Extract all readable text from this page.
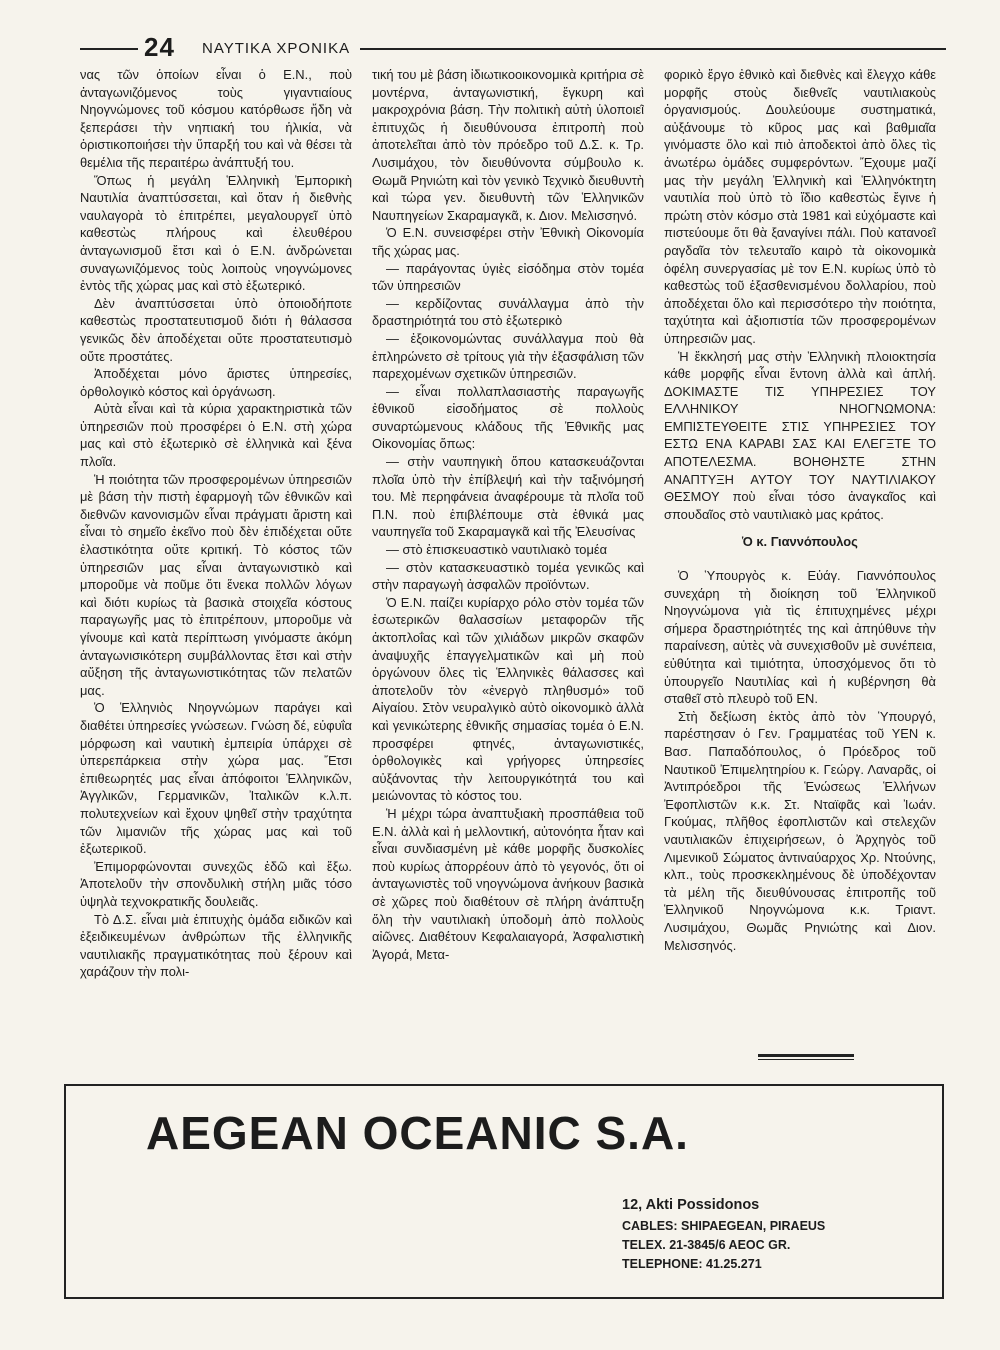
24 ΝΑΥΤΙΚΑ ΧΡΟΝΙΚΑ

νας τῶν ὁποίων εἶναι ὁ Ε.Ν., ποὺ ἀνταγωνιζόμενος τοὺς γιγαντιαίους Νηογνώμονες τοῦ κόσμου κατόρθωσε ἤδη νὰ ξεπεράσει τὴν νηπιακή του ἡλικία, νὰ ὁριστικοποιήσει τὴν ὕπαρξή του καὶ νὰ θέσει τὰ θεμέλια τῆς περαιτέρω ἀνάπτυξή του.

Ὅπως ἡ μεγάλη Ἑλληνικὴ Ἐμπορικὴ Ναυτιλία ἀναπτύσσεται, καὶ ὅταν ἡ διεθνὴς ναυλαγορὰ τὸ ἐπιτρέπει, μεγαλουργεῖ ὑπὸ καθεστὼς πλήρους καὶ ἐλευθέρου ἀνταγωνισμοῦ ἔτσι καὶ ὁ Ε.Ν. ἀνδρώνεται συναγωνιζόμενος τοὺς λοιποὺς νηογνώμονες ἐντὸς τῆς χώρας μας καὶ στὸ ἐξωτερικό.

Δὲν ἀναπτύσσεται ὑπὸ ὁποιοδήποτε καθεστὼς προστατευτισμοῦ διότι ἡ θάλασσα γενικῶς δὲν ἀποδέχεται οὔτε προστατευτισμὸ οὔτε προστάτες.

Ἀποδέχεται μόνο ἄριστες ὑπηρεσίες, ὀρθολογικὸ κόστος καὶ ὀργάνωση.

Αὐτὰ εἶναι καὶ τὰ κύρια χαρακτηριστικὰ τῶν ὑπηρεσιῶν ποὺ προσφέρει ὁ Ε.Ν. στὴ χώρα μας καὶ στὸ ἐξωτερικὸ σὲ ἑλληνικὰ καὶ ξένα πλοῖα.

Ἡ ποιότητα τῶν προσφερομένων ὑπηρεσιῶν μὲ βάση τὴν πιστὴ ἐφαρμογὴ τῶν ἐθνικῶν καὶ διεθνῶν κανονισμῶν εἶναι πράγματι ἄριστη καὶ εἶναι τὸ σημεῖο ἐκεῖνο ποὺ δὲν ἐπιδέχεται οὔτε ἐλαστικότητα οὔτε κριτική. Τὸ κόστος τῶν ὑπηρεσιῶν μας εἶναι ἀνταγωνιστικὸ καὶ μποροῦμε νὰ ποῦμε ὅτι ἕνεκα πολλῶν λόγων καὶ διότι κυρίως τὰ βασικὰ στοιχεῖα κόστους παραγωγῆς μας τὸ ἐπιτρέπουν, μποροῦμε νὰ γίνουμε καὶ κατὰ περίπτωση γινόμαστε ἀκόμη ἀνταγωνισικότερη συμβάλλοντας ἔτσι καὶ στὴν αὔξηση τῆς ἀνταγωνιστικότητας τῶν πελατῶν μας.

Ὁ Ἑλληνιὸς Νηογνώμων παράγει καὶ διαθέτει ὑπηρεσίες γνώσεων. Γνώση δέ, εὐφυΐα μόρφωση καὶ ναυτικὴ ἐμπειρία ὑπάρχει σὲ ὑπερεπάρκεια στὴν χώρα μας. Ἔτσι ἐπιθεωρητές μας εἶναι ἀπόφοιτοι Ἑλληνικῶν, Ἀγγλικῶν, Γερμανικῶν, Ἰταλικῶν κ.λ.π. πολυτεχνείων καὶ ἔχουν ψηθεῖ στὴν τραχύτητα τῶν λιμανιῶν τῆς χώρας μας καὶ τοῦ ἐξωτερικοῦ.

Ἐπιμορφώνονται συνεχῶς ἐδῶ καὶ ἔξω. Ἀποτελοῦν τὴν σπονδυλικὴ στήλη μιᾶς τόσο ὑψηλὰ τεχνοκρατικῆς δουλειᾶς.

Τὸ Δ.Σ. εἶναι μιὰ ἐπιτυχὴς ὁμάδα ειδικῶν καὶ ἐξειδικευμένων ἀνθρώπων τῆς ἑλληνικῆς ναυτιλιακῆς πραγματικότητας ποὺ ξέρουν καὶ χαράζουν τὴν πολι-

τική του μὲ βάση ἰδιωτικοοικονομικὰ κριτήρια σὲ μοντέρνα, ἀνταγωνιστική, ἔγκυρη καὶ μακροχρόνια βάση. Τὴν πολιτικὴ αὐτὴ ὑλοποιεῖ ἐπιτυχῶς ἡ διευθύνουσα ἐπιτροπὴ ποὺ ἀποτελεῖται ἀπὸ τὸν πρόεδρο τοῦ Δ.Σ. κ. Τρ. Λυσιμάχου, τὸν διευθύνοντα σύμβουλο κ. Θωμᾶ Ρηνιώτη καὶ τὸν γενικὸ Τεχνικὸ διευθυντὴ καὶ τώρα γεν. διευθυντὴ τῶν Ἑλληνικῶν Ναυπηγείων Σκαραμαγκᾶ, κ. Διον. Μελισσηνό.

Ὁ Ε.Ν. συνεισφέρει στὴν Ἐθνικὴ Οἰκονομία τῆς χώρας μας.

— παράγοντας ὑγιὲς εἰσόδημα στὸν τομέα τῶν ὑπηρεσιῶν

— κερδίζοντας συνάλλαγμα ἀπὸ τὴν δραστηριότητά του στὸ ἐξωτερικὸ

— ἐξοικονομώντας συνάλλαγμα ποὺ θὰ ἐπληρώνετο σὲ τρίτους γιὰ τὴν ἐξασφάλιση τῶν παρεχομένων σχετικῶν ὑπηρεσιῶν.

— εἶναι πολλαπλασιαστὴς παραγωγῆς ἐθνικοῦ εἰσοδήματος σὲ πολλοὺς συναρτώμενους κλάδους τῆς Ἐθνικῆς μας Οἰκονομίας ὅπως:

— στὴν ναυπηγικὴ ὅπου κατασκευάζονται πλοῖα ὑπὸ τὴν ἐπίβλεψή καὶ τὴν ταξινόμησή του. Μὲ περηφάνεια ἀναφέρουμε τὰ πλοῖα τοῦ Π.Ν. ποὺ ἐπιβλέπουμε στὰ ἐθνικά μας ναυπηγεῖα τοῦ Σκαραμαγκᾶ καὶ τῆς Ἐλευσίνας

— στὸ ἐπισκευαστικὸ ναυτιλιακὸ τομέα

— στὸν κατασκευαστικὸ τομέα γενικῶς καὶ στὴν παραγωγὴ ἀσφαλῶν προϊόντων.

Ὁ Ε.Ν. παίζει κυρίαρχο ρόλο στὸν τομέα τῶν ἐσωτερικῶν θαλασσίων μεταφορῶν τῆς ἀκτοπλοΐας καὶ τῶν χιλιάδων μικρῶν σκαφῶν ἀναψυχῆς ἐπαγγελματικῶν καὶ μὴ ποὺ ὀργώνουν ὅλες τὶς Ἑλληνικὲς θάλασσες καὶ ἀποτελοῦν τὸν «ἐνεργὸ πληθυσμό» τοῦ Αἰγαίου. Στὸν νευραλγικὸ αὐτὸ οἰκονομικὸ ἀλλὰ καὶ γενικώτερης ἐθνικῆς σημασίας τομέα ὁ Ε.Ν. προσφέρει φτηνές, ἀνταγωνιστικές, ὀρθολογικὲς καὶ γρήγορες ὑπηρεσίες αὐξάνοντας τὴν λειτουργικότητά του καὶ μειώνοντας τὸ κόστος του.

Ἡ μέχρι τώρα ἀναπτυξιακὴ προσπάθεια τοῦ Ε.Ν. ἀλλὰ καὶ ἡ μελλοντική, αὐτονόητα ἦταν καὶ εἶναι συνδιασμένη μὲ κάθε μορφῆς δυσκολίες ποὺ κυρίως ἀπορρέουν ἀπὸ τὸ γεγονός, ὅτι οἱ ἀνταγωνιστὲς τοῦ νηογνώμονα ἀνήκουν βασικὰ σὲ χῶρες ποὺ διαθέτουν σὲ πλήρη ἀνάπτυξη ὅλη τὴν ναυτιλιακὴ ὑποδομὴ ἀπὸ πολλοὺς αἰῶνες. Διαθέτουν Κεφαλαιαγορά, Ἀσφαλιστικὴ Ἀγορά, Μετα-

φορικὸ ἔργο ἐθνικὸ καὶ διεθνὲς καὶ ἔλεγχο κάθε μορφῆς στοὺς διεθνεῖς ναυτιλιακοὺς ὀργανισμούς. Δουλεύουμε συστηματικά, αὐξάνουμε τὸ κῦρος μας καὶ βαθμιαῖα γινόμαστε ὅλο καὶ πιὸ ἀποδεκτοὶ ἀπὸ ὅλες τὶς ἀνωτέρω ὁμάδες συμφερόντων. Ἔχουμε μαζί μας τὴν μεγάλη Ἑλληνικὴ καὶ Ἑλληνόκτητη ναυτιλία ποὺ ὑπὸ τὸ ἴδιο καθεστὼς ἔγινε ἡ πρώτη στὸν κόσμο στὰ 1981 καὶ εὐχόμαστε καὶ πιστεύουμε ὅτι θὰ ξαναγίνει πάλι. Ποὺ κατανοεῖ ραγδαῖα τὸν τελευταῖο καιρὸ τὰ οἰκονομικὰ ὀφέλη συνεργασίας μὲ τον Ε.Ν. κυρίως ὑπὸ τὸ καθεστὼς τοῦ ἐξασθενισμένου δολλαρίου, ποὺ ἀποδέχεται ὅλο καὶ περισσότερο τὴν ποιότητα, ταχύτητα καὶ ἀξιοπιστία τῶν προσφερομένων ὑπηρεσιῶν μας.

Ἡ ἔκκλησή μας στὴν Ἑλληνικὴ πλοιοκτησία κάθε μορφῆς εἶναι ἔντονη ἀλλὰ καὶ ἁπλή. ΔΟΚΙΜΑΣΤΕ ΤΙΣ ΥΠΗΡΕΣΙΕΣ ΤΟΥ ΕΛΛΗΝΙΚΟΥ ΝΗΟΓΝΩΜΟΝΑ: ΕΜΠΙΣΤΕΥΘΕΙΤΕ ΣΤΙΣ ΥΠΗΡΕΣΙΕΣ ΤΟΥ ΕΣΤΩ ΕΝΑ ΚΑΡΑΒΙ ΣΑΣ ΚΑΙ ΕΛΕΓΞΤΕ ΤΟ ΑΠΟΤΕΛΕΣΜΑ. ΒΟΗΘΗΣΤΕ ΣΤΗΝ ΑΝΑΠΤΥΞΗ ΑΥΤΟΥ ΤΟΥ ΝΑΥΤΙΛΙΑΚΟΥ ΘΕΣΜΟΥ ποὺ εἶναι τόσο ἀναγκαῖος καὶ σπουδαῖος στὸ ναυτιλιακὸ μας κράτος.

Ὁ κ. Γιαννόπουλος

Ὁ Ὑπουργὸς κ. Εὐάγ. Γιαννόπουλος συνεχάρη τὴ διοίκηση τοῦ Ἑλληνικοῦ Νηογνώμονα γιὰ τὶς ἐπιτυχημένες μέχρι σήμερα δραστηριότητές της καὶ ἀπηύθυνε τὴν παραίνεση, αὐτὲς νὰ συνεχισθοῦν μὲ συνέπεια, εὐθύτητα καὶ τιμιότητα, ὑποσχόμενος ὅτι τὸ ὑπουργεῖο Ναυτιλίας καὶ ἡ κυβέρνηση θὰ σταθεῖ στὸ πλευρὸ τοῦ ΕΝ.

Στὴ δεξίωση ἐκτὸς ἀπὸ τὸν Ὑπουργό, παρέστησαν ὁ Γεν. Γραμματέας τοῦ ΥΕΝ κ. Βασ. Παπαδόπουλος, ὁ Πρόεδρος τοῦ Ναυτικοῦ Ἐπιμελητηρίου κ. Γεώργ. Λαναρᾶς, οἱ Ἀντιπρόεδροι τῆς Ἑνώσεως Ἑλλήνων Ἐφοπλιστῶν κ.κ. Στ. Νταϊφᾶς καὶ Ἰωάν. Γκούμας, πλῆθος ἐφοπλιστῶν καὶ στελεχῶν ναυτιλιακῶν ἐπιχειρήσεων, ὁ Ἀρχηγὸς τοῦ Λιμενικοῦ Σώματος ἀντιναύαρχος Χρ. Ντούνης, κλπ., τοὺς προσκεκλημένους δὲ ὑποδέχονταν τὰ μέλη τῆς διευθύνουσας ἐπιτροπῆς τοῦ Ἑλληνικοῦ Νηογνώμονα κ.κ. Τριαντ. Λυσιμάχου, Θωμᾶς Ρηνιώτης καὶ Διον. Μελισσηνός.

AEGEAN OCEANIC S.A.
12, Akti Possidonos
CABLES: SHIPAEGEAN, PIRAEUS
TELEX. 21-3845/6 AEOC GR.
TELEPHONE: 41.25.271
